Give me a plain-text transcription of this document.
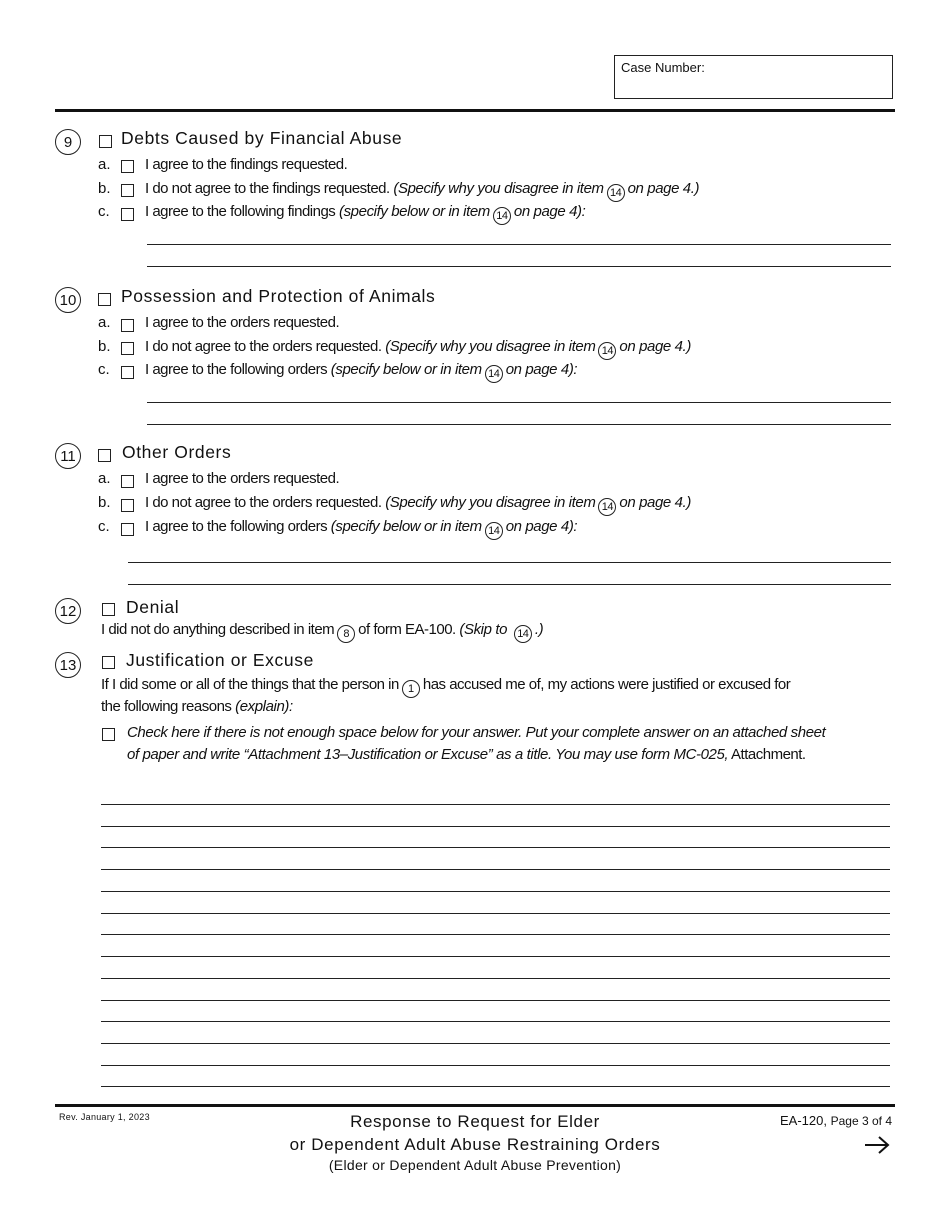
Case Number:
9	Debts Caused by Financial Abuse
a. I agree to the findings requested.
b. I do not agree to the findings requested. (Specify why you disagree in item 14 on page 4.)
c. I agree to the following findings (specify below or in item 14 on page 4):
10	Possession and Protection of Animals
a. I agree to the orders requested.
b. I do not agree to the orders requested. (Specify why you disagree in item 14 on page 4.)
c. I agree to the following orders (specify below or in item 14 on page 4):
11	Other Orders
a. I agree to the orders requested.
b. I do not agree to the orders requested. (Specify why you disagree in item 14 on page 4.)
c. I agree to the following orders (specify below or in item 14 on page 4):
12	Denial
I did not do anything described in item 8 of form EA-100. (Skip to 14 .)
13	Justification or Excuse
If I did some or all of the things that the person in 1 has accused me of, my actions were justified or excused for
the following reasons (explain):
Check here if there is not enough space below for your answer. Put your complete answer on an attached sheet
of paper and write “Attachment 13–Justification or Excuse” as a title. You may use form MC-025, Attachment.
Rev. January 1, 2023	Response to Request for Elder
or Dependent Adult Abuse Restraining Orders
(Elder or Dependent Adult Abuse Prevention)
EA-120, Page 3 of 4
